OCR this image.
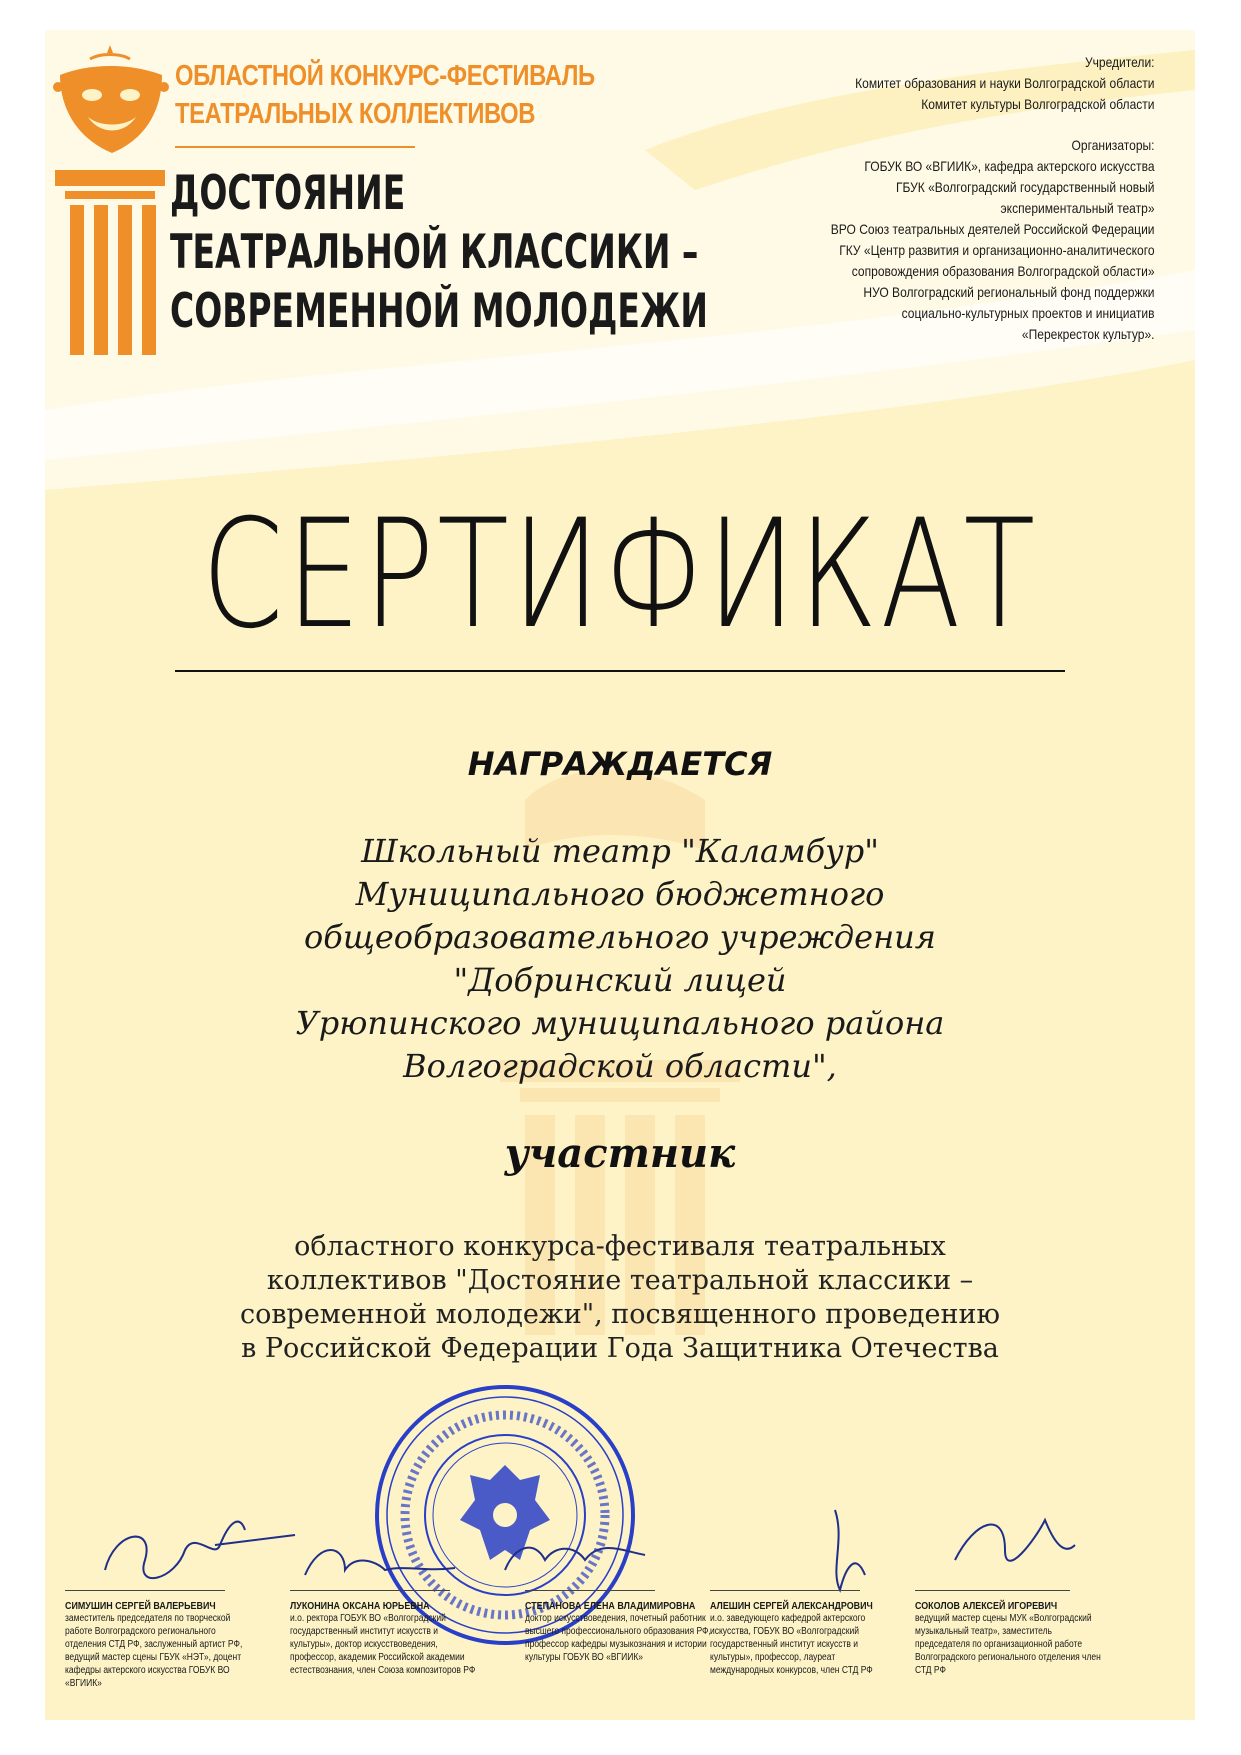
ОБЛАСТНОЙ КОНКУРС-ФЕСТИВАЛЬ
ТЕАТРАЛЬНЫХ КОЛЛЕКТИВОВ
ДОСТОЯНИЕ
ТЕАТРАЛЬНОЙ КЛАССИКИ –
СОВРЕМЕННОЙ МОЛОДЕЖИ
Учредители:
Комитет образования и науки Волгоградской области
Комитет культуры Волгоградской области
Организаторы:
ГОБУК ВО «ВГИИК», кафедра актерского искусства
ГБУК «Волгоградский государственный новый
экспериментальный театр»
ВРО Союз театральных деятелей Российской Федерации
ГКУ «Центр развития и организационно-аналитического
сопровождения образования Волгоградской области»
НУО Волгоградский региональный фонд поддержки
социально-культурных проектов и инициатив
«Перекресток культур».
СЕРТИФИКАТ
НАГРАЖДАЕТСЯ
Школьный театр "Каламбур"
Муниципального бюджетного
общеобразовательного учреждения
"Добринский лицей
Урюпинского муниципального района
Волгоградской области",
участник
областного конкурса-фестиваля театральных
коллективов "Достояние театральной классики –
современной молодежи", посвященного проведению
в Российской Федерации Года Защитника Отечества
СИМУШИН СЕРГЕЙ ВАЛЕРЬЕВИЧ
заместитель председателя по творческой работе Волгоградского регионального отделения СТД РФ, заслуженный артист РФ, ведущий мастер сцены ГБУК «НЭТ», доцент кафедры актерского искусства ГОБУК ВО «ВГИИК»
ЛУКОНИНА ОКСАНА ЮРЬЕВНА
и.о. ректора ГОБУК ВО «Волгоградский государственный институт искусств и культуры», доктор искусствоведения, профессор, академик Российской академии естествознания, член Союза композиторов РФ
СТЕПАНОВА ЕЛЕНА ВЛАДИМИРОВНА
доктор искусствоведения, почетный работник высшего профессионального образования РФ, профессор кафедры музыкознания и истории культуры ГОБУК ВО «ВГИИК»
АЛЕШИН СЕРГЕЙ АЛЕКСАНДРОВИЧ
и.о. заведующего кафедрой актерского искусства, ГОБУК ВО «Волгоградский государственный институт искусств и культуры», профессор, лауреат международных конкурсов, член СТД РФ
СОКОЛОВ АЛЕКСЕЙ ИГОРЕВИЧ
ведущий мастер сцены МУК «Волгоградский музыкальный театр», заместитель председателя по организационной работе Волгоградского регионального отделения член СТД РФ
